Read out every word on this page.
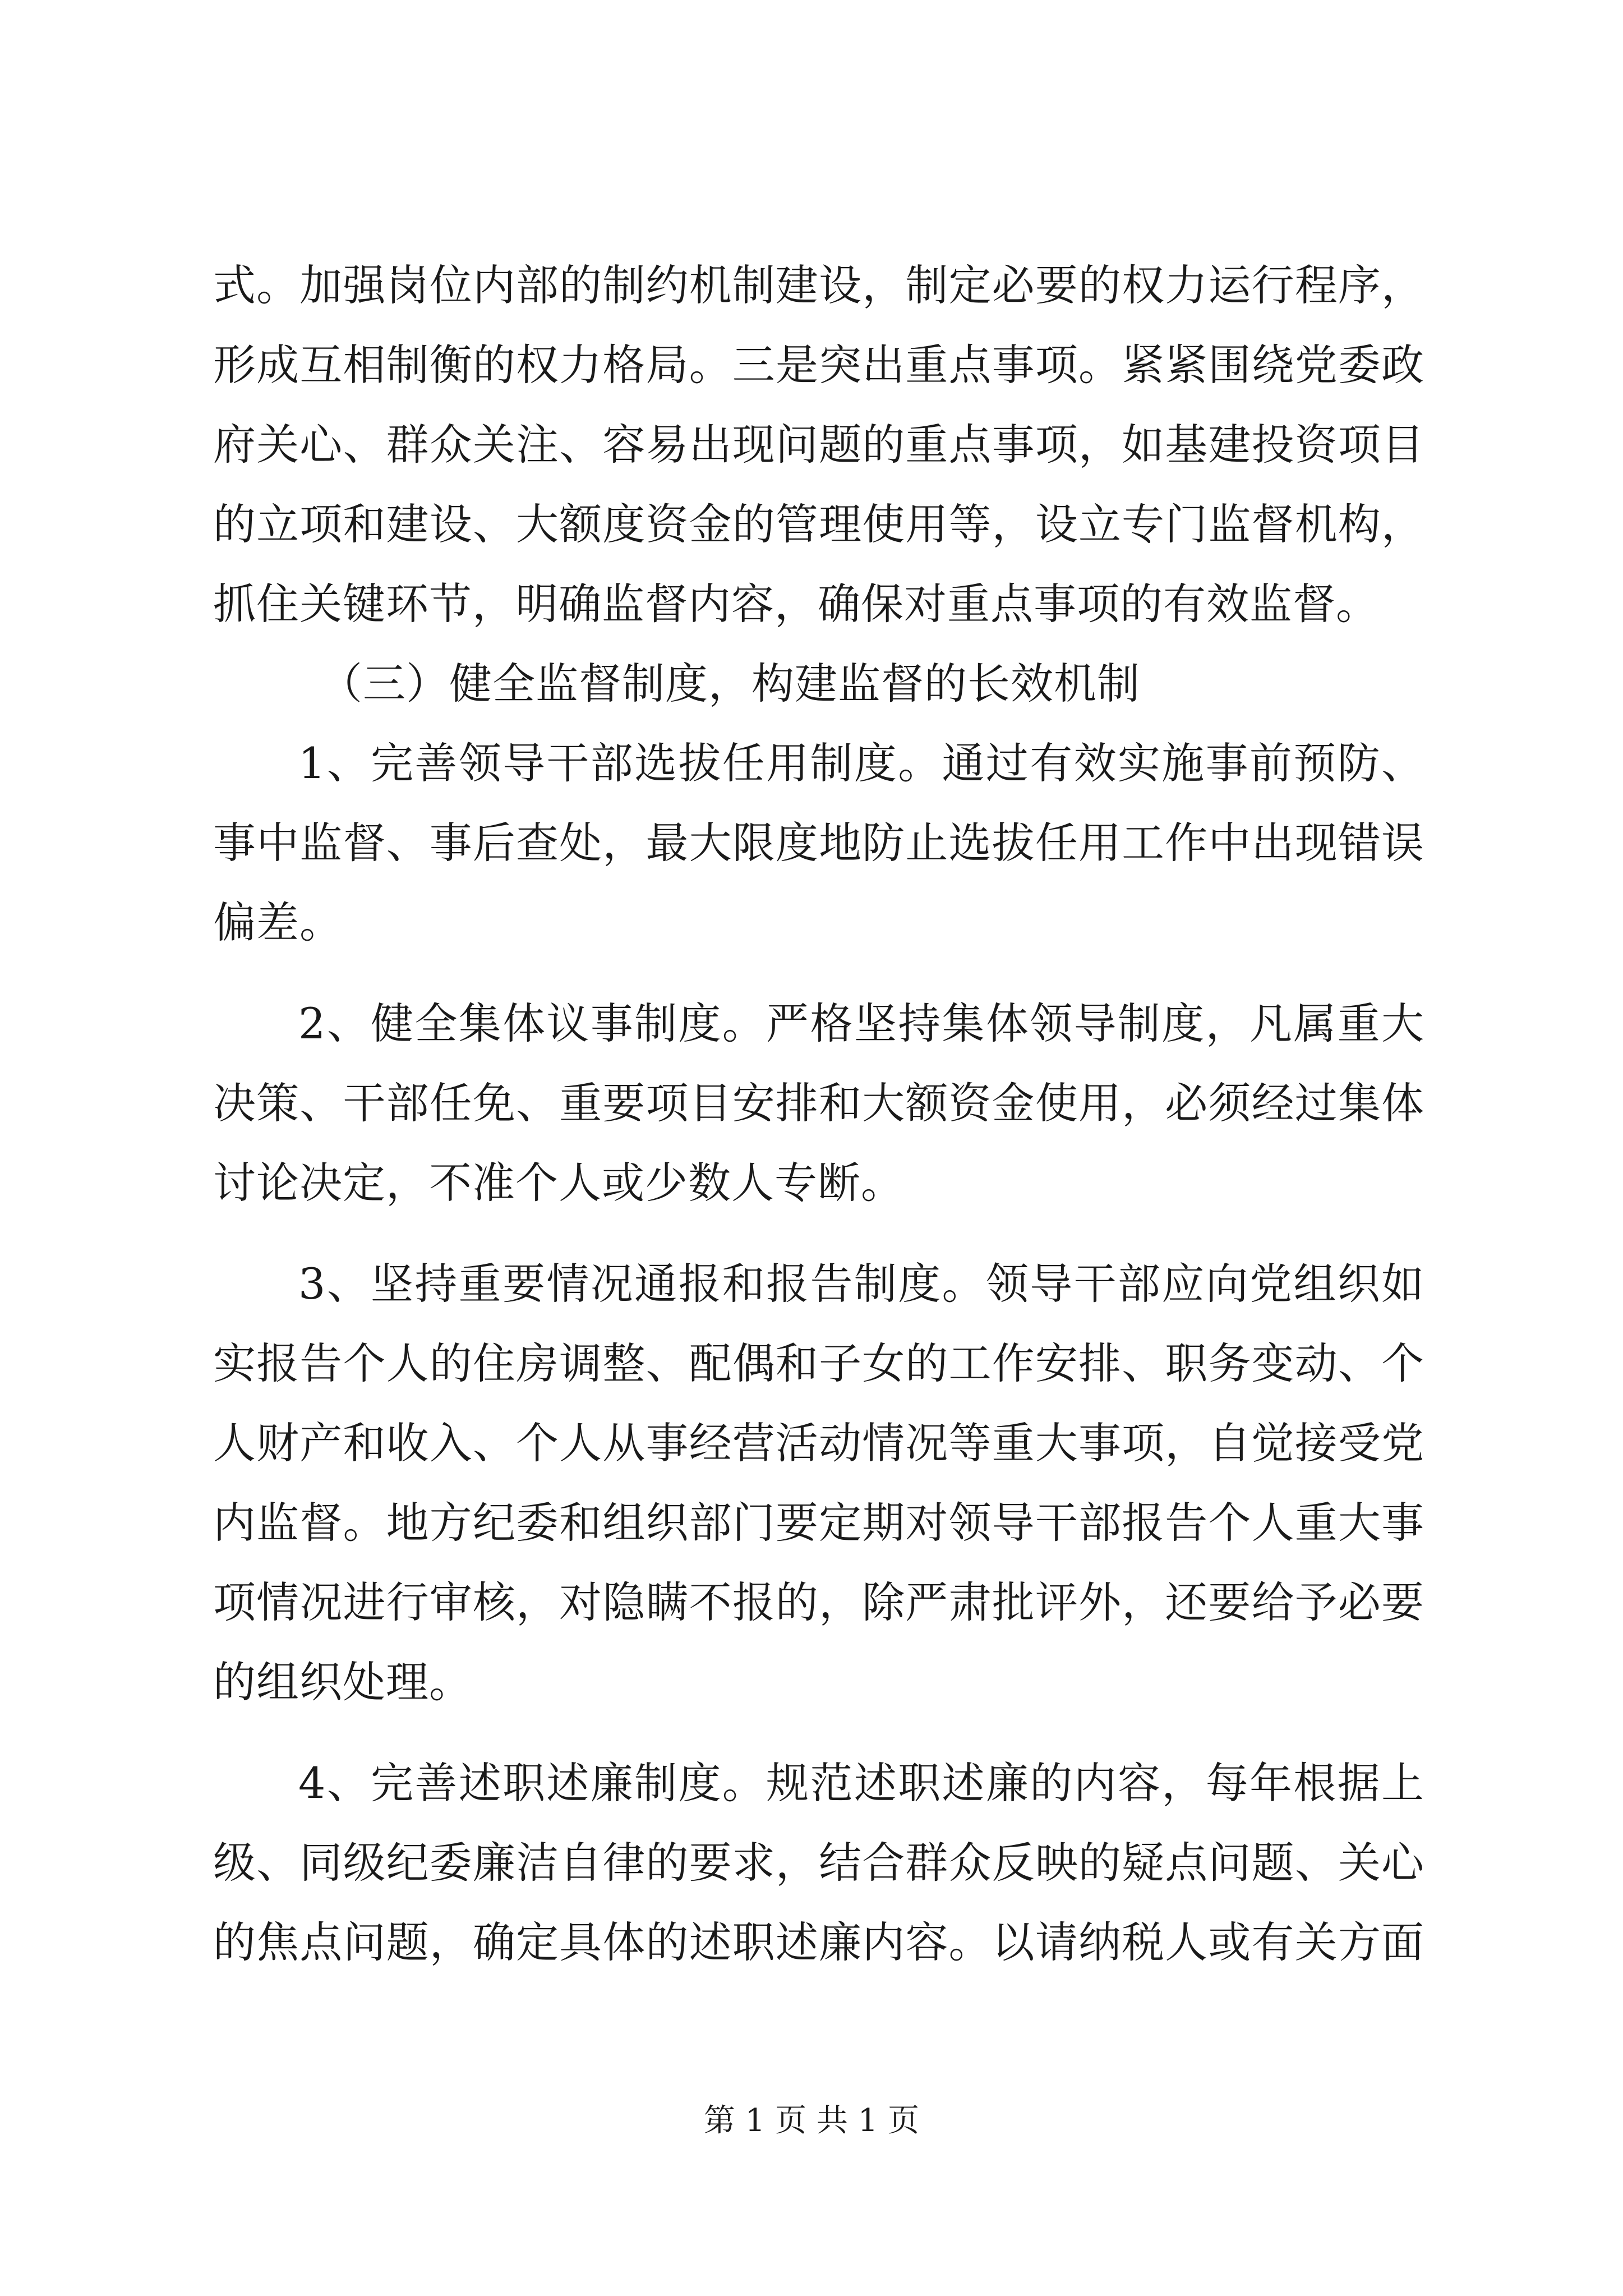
式。加强岗位内部的制约机制建设，制定必要的权力运行程序，
形成互相制衡的权力格局。三是突出重点事项。紧紧围绕党委政
府关心、群众关注、容易出现问题的重点事项，如基建投资项目
的立项和建设、大额度资金的管理使用等，设立专门监督机构，
抓住关键环节，明确监督内容，确保对重点事项的有效监督。
（三）健全监督制度，构建监督的长效机制
1、完善领导干部选拔任用制度。通过有效实施事前预防、
事中监督、事后查处，最大限度地防止选拔任用工作中出现错误
偏差。
2、健全集体议事制度。严格坚持集体领导制度，凡属重大
决策、干部任免、重要项目安排和大额资金使用，必须经过集体
讨论决定，不准个人或少数人专断。
3、坚持重要情况通报和报告制度。领导干部应向党组织如
实报告个人的住房调整、配偶和子女的工作安排、职务变动、个
人财产和收入、个人从事经营活动情况等重大事项，自觉接受党
内监督。地方纪委和组织部门要定期对领导干部报告个人重大事
项情况进行审核，对隐瞒不报的，除严肃批评外，还要给予必要
的组织处理。
4、完善述职述廉制度。规范述职述廉的内容，每年根据上
级、同级纪委廉洁自律的要求，结合群众反映的疑点问题、关心
的焦点问题，确定具体的述职述廉内容。以请纳税人或有关方面
第 1 页 共 1 页
